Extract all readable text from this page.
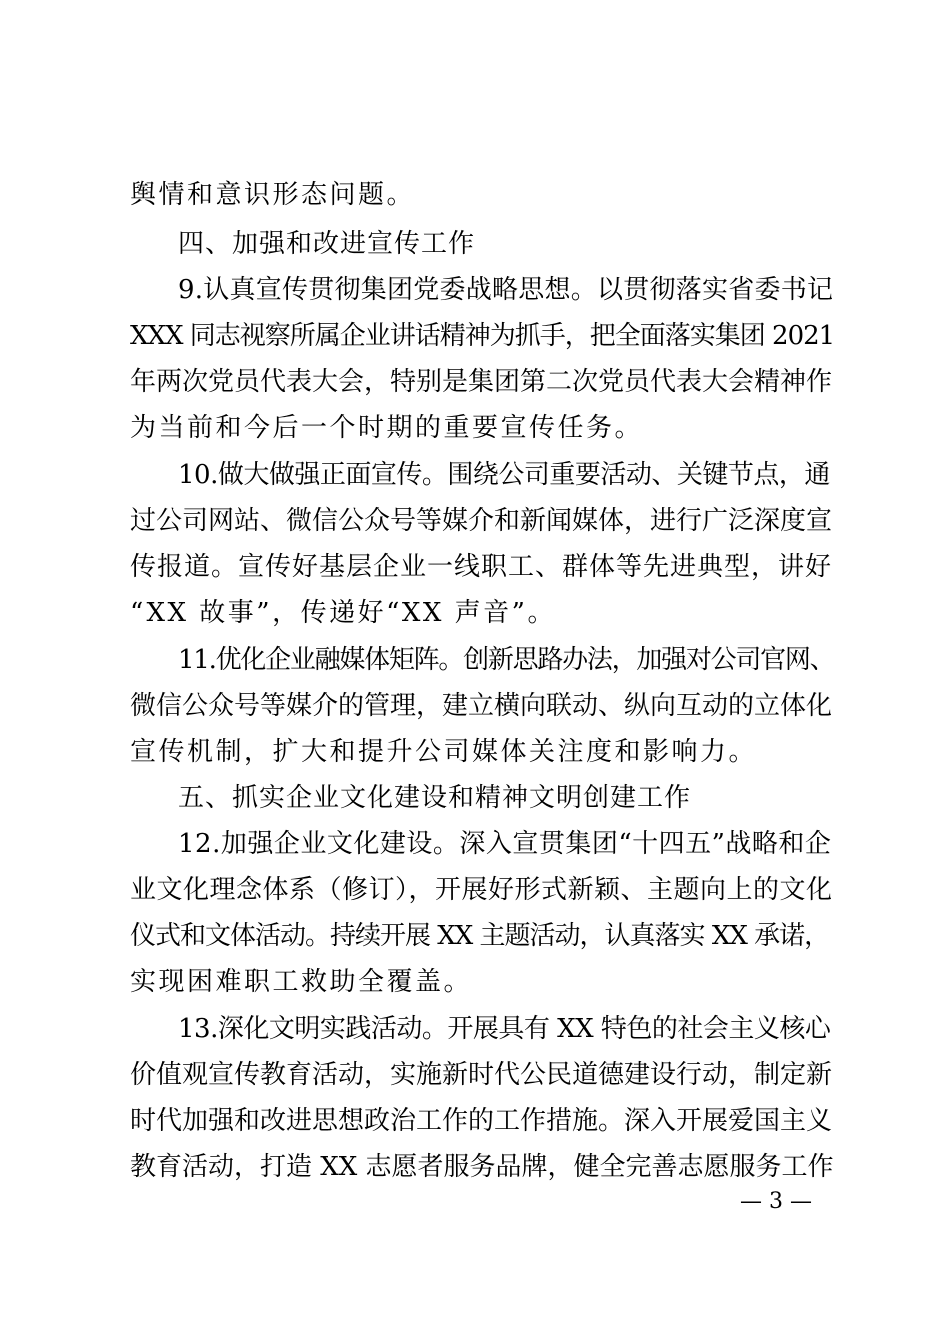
舆情和意识形态问题。
四、加强和改进宣传工作
9.认真宣传贯彻集团党委战略思想。以贯彻落实省委书记
XXX 同志视察所属企业讲话精神为抓手，把全面落实集团 2021
年两次党员代表大会，特别是集团第二次党员代表大会精神作
为当前和今后一个时期的重要宣传任务。
10.做大做强正面宣传。围绕公司重要活动、关键节点，通
过公司网站、微信公众号等媒介和新闻媒体，进行广泛深度宣
传报道。宣传好基层企业一线职工、群体等先进典型，讲好
“XX 故事”，传递好“XX 声音”。
11.优化企业融媒体矩阵。创新思路办法，加强对公司官网、
微信公众号等媒介的管理，建立横向联动、纵向互动的立体化
宣传机制，扩大和提升公司媒体关注度和影响力。
五、抓实企业文化建设和精神文明创建工作
12.加强企业文化建设。深入宣贯集团“十四五”战略和企
业文化理念体系（修订），开展好形式新颖、主题向上的文化
仪式和文体活动。持续开展 XX 主题活动，认真落实 XX 承诺，
实现困难职工救助全覆盖。
13.深化文明实践活动。开展具有 XX 特色的社会主义核心
价值观宣传教育活动，实施新时代公民道德建设行动，制定新
时代加强和改进思想政治工作的工作措施。深入开展爱国主义
教育活动，打造 XX 志愿者服务品牌，健全完善志愿服务工作
— 3 —
